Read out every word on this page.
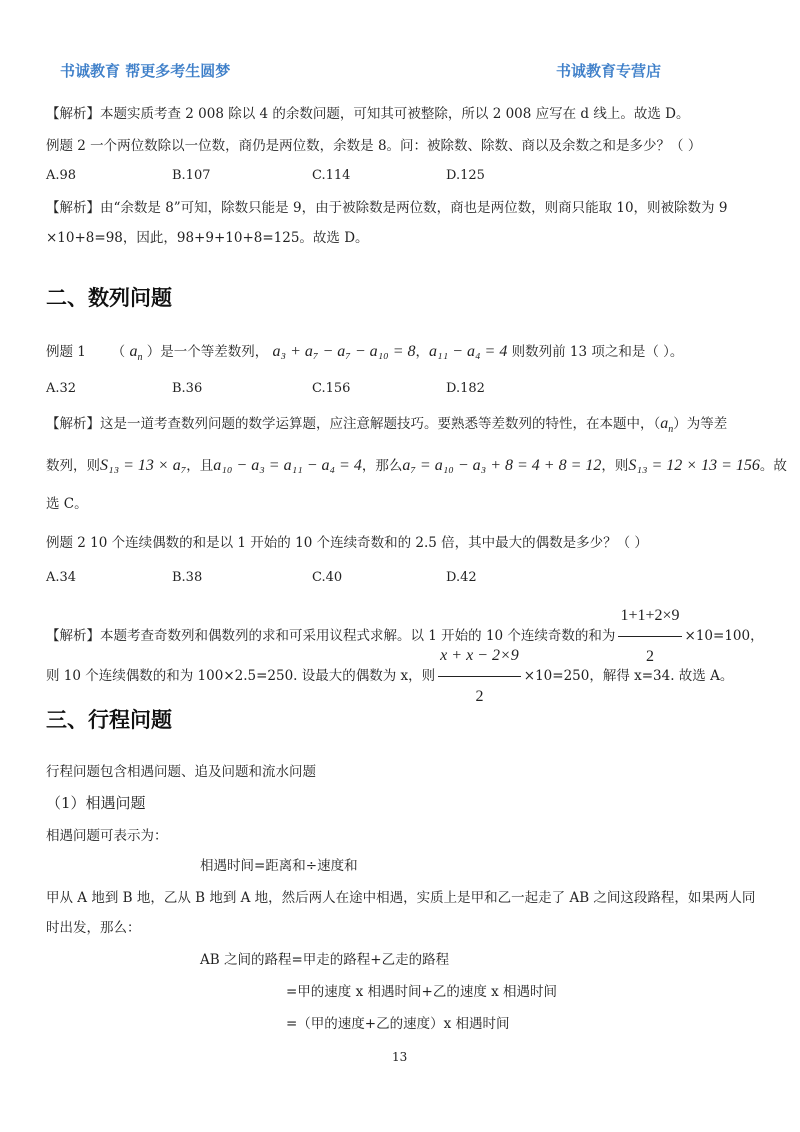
书诚教育 帮更多考生圆梦	书诚教育专营店
【解析】本题实质考查 2 008 除以 4 的余数问题，可知其可被整除，所以 2 008 应写在 d 线上。故选 D。
例题 2 一个两位数除以一位数，商仍是两位数，余数是 8。问：被除数、除数、商以及余数之和是多少？（ ）
A.98	B.107	C.114	D.125
【解析】由“余数是 8”可知，除数只能是 9，由于被除数是两位数，商也是两位数，则商只能取 10，则被除数为 9
×10+8=98，因此，98+9+10+8=125。故选 D。
二、数列问题
例题 1      （ $a_n$ ）是一个等差数列， a₃ + a₇ − a₇ − a₁₀ = 8，a₁₁ − a₄ = 4 则数列前 13 项之和是（ ）。
A.32	B.36	C.156	D.182
【解析】这是一道考查数列问题的数学运算题，应注意解题技巧。要熟悉等差数列的特性，在本题中，$(a_n)$为等差
数列，则S₁₃ = 13 × a₇，且a₁₀ − a₃ = a₁₁ − a₄ = 4，那么a₇ = a₁₀ − a₃ + 8 = 4 + 8 = 12，则S₁₃ = 12 × 13 = 156。故
选 C。
例题 2 10 个连续偶数的和是以 1 开始的 10 个连续奇数和的 2.5 倍，其中最大的偶数是多少？（ ）
A.34	B.38	C.40	D.42
【解析】本题考查奇数列和偶数列的求和可采用议程式求解。以 1 开始的 10 个连续奇数的和为 $\frac{1+1+2\times 9}{2} \times 10=100$，
则 10 个连续偶数的和为 100×2.5=250. 设最大的偶数为 x，则 $\frac{x + x - 2\times 9}{2} \times 10=250$，解得 x=34. 故选 A。
三、行程问题
行程问题包含相遇问题、追及问题和流水问题
（1）相遇问题
相遇问题可表示为：
相遇时间=距离和÷速度和
甲从 A 地到 B 地，乙从 B 地到 A 地，然后两人在途中相遇，实质上是甲和乙一起走了 AB 之间这段路程，如果两人同
时出发，那么：
AB 之间的路程=甲走的路程+乙走的路程
=甲的速度 x 相遇时间+乙的速度 x 相遇时间
=（甲的速度+乙的速度）x 相遇时间
13
